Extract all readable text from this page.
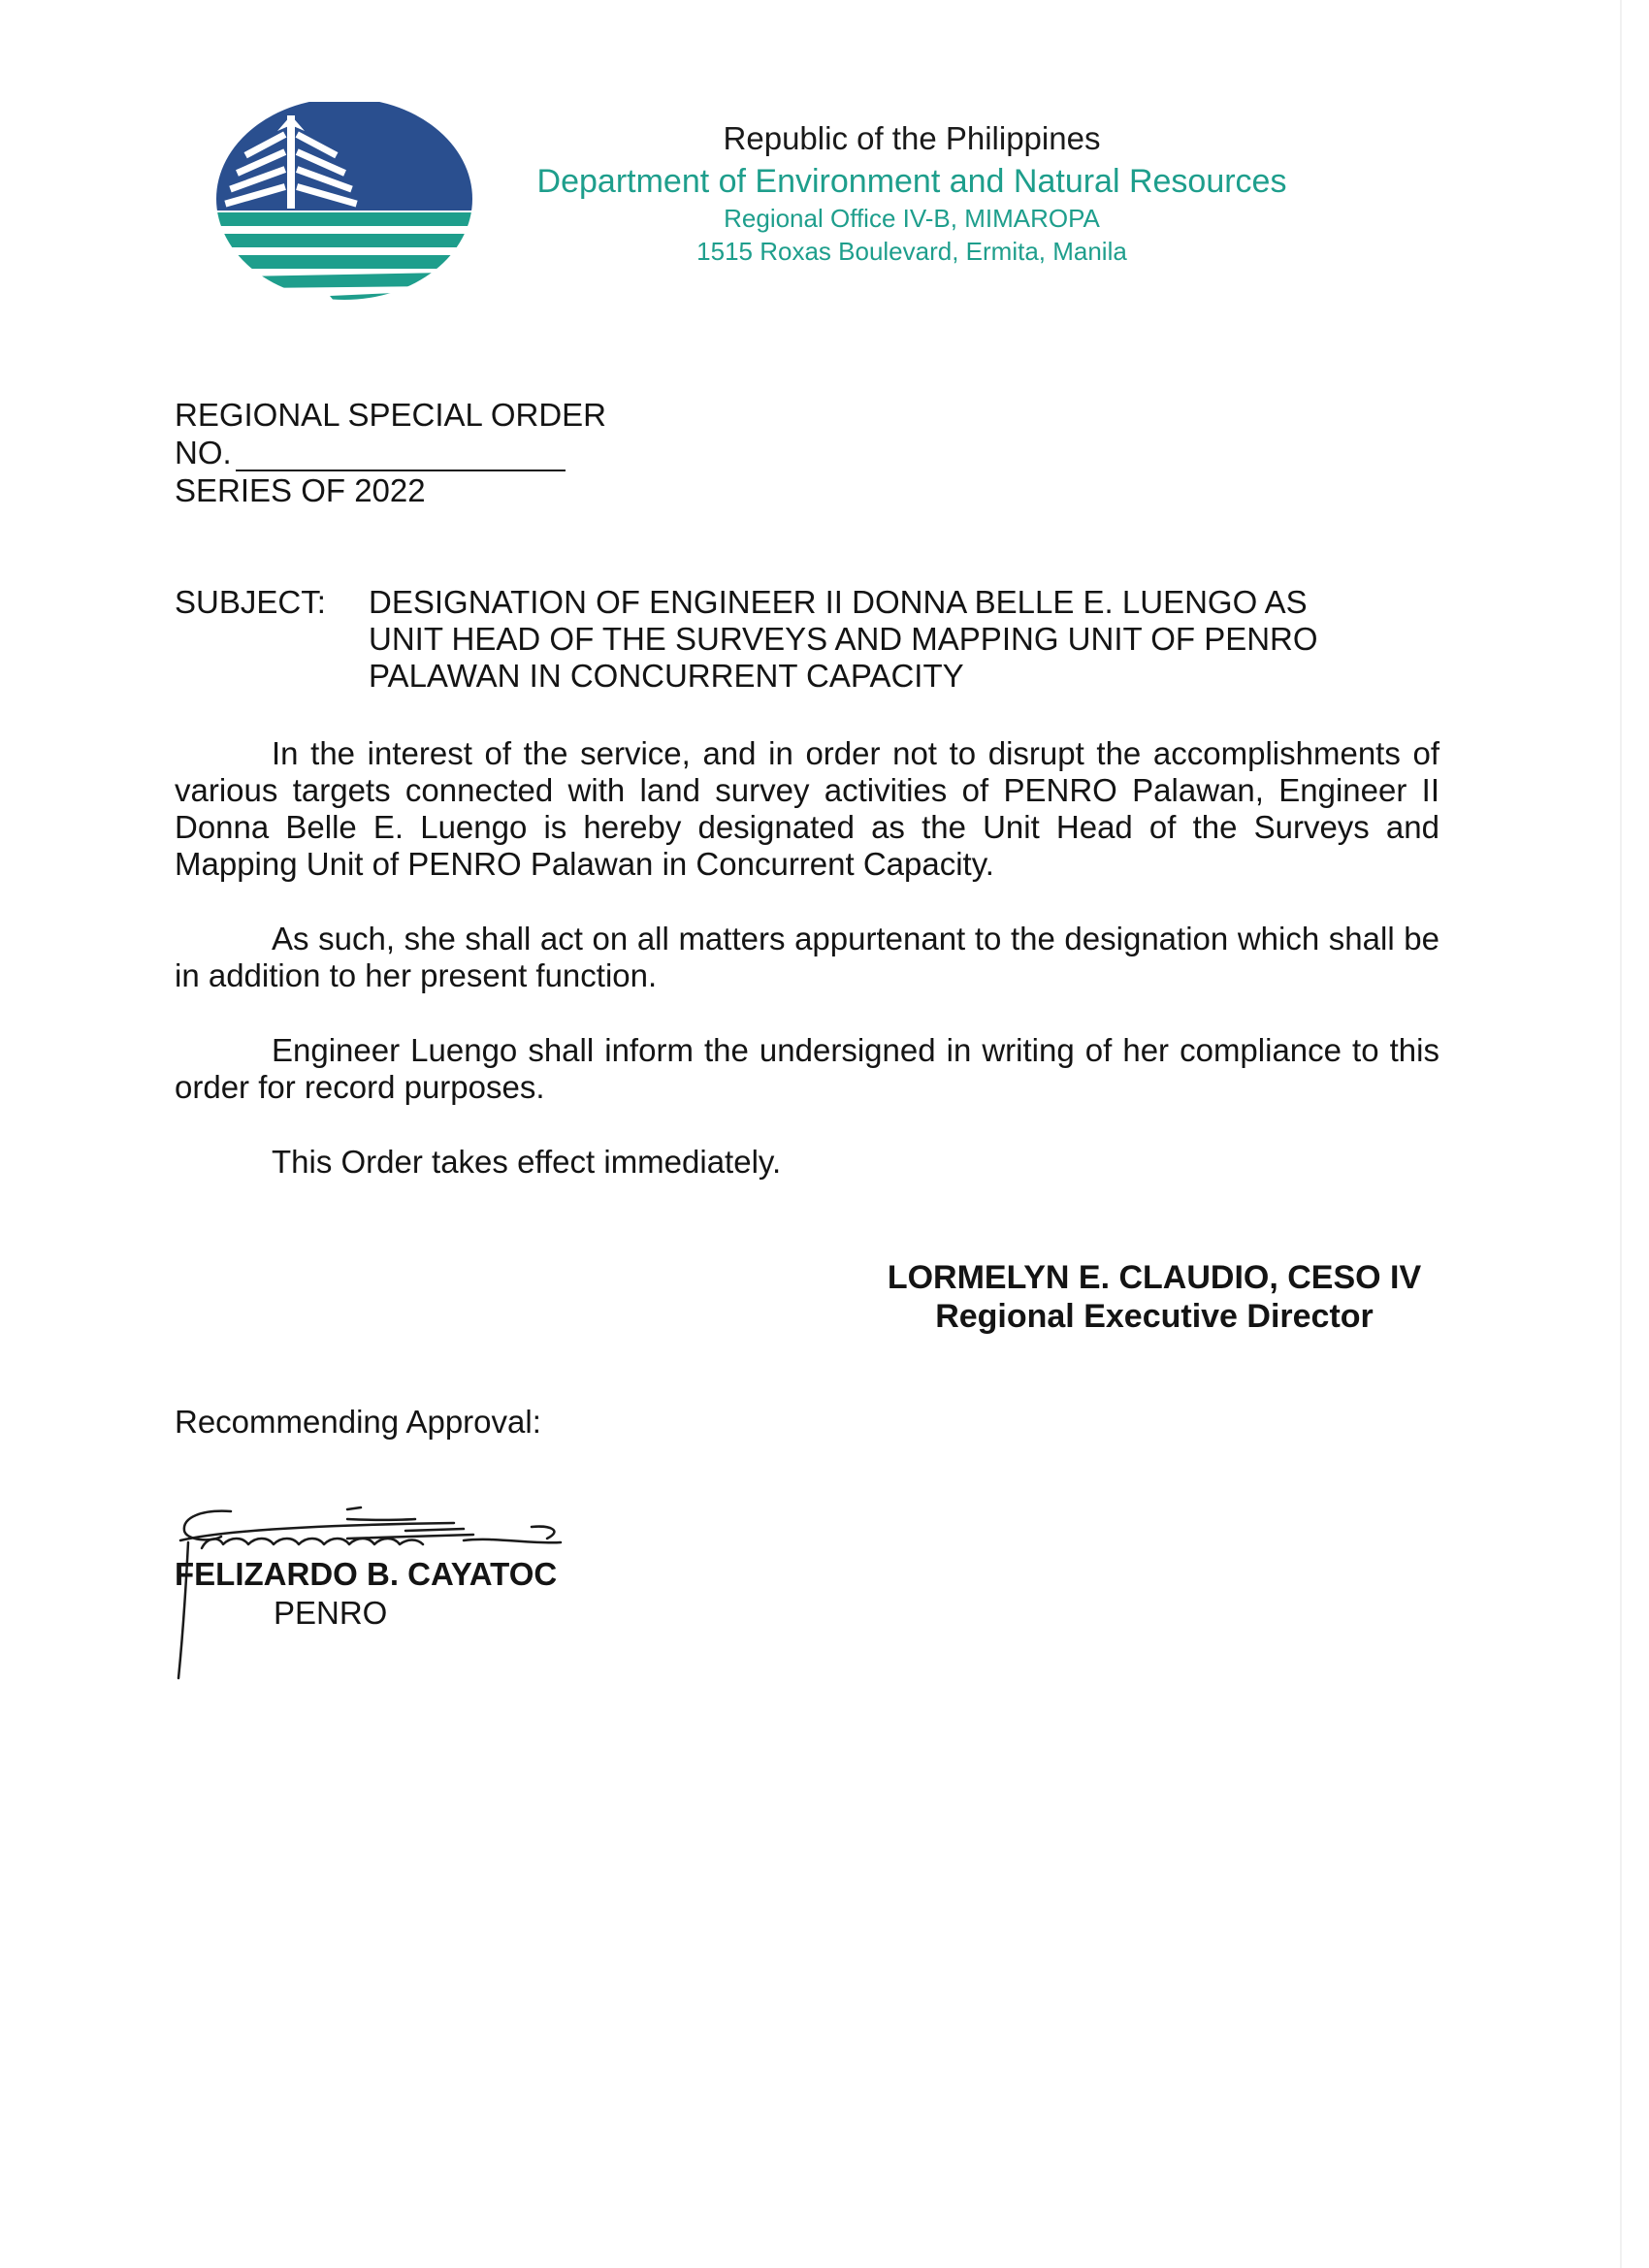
Republic of the Philippines
Department of Environment and Natural Resources
Regional Office IV-B, MIMAROPA
1515 Roxas Boulevard, Ermita, Manila
REGIONAL SPECIAL ORDER
NO.
SERIES OF 2022
SUBJECT:	DESIGNATION OF ENGINEER II DONNA BELLE E. LUENGO AS UNIT HEAD OF THE SURVEYS AND MAPPING UNIT OF PENRO PALAWAN IN CONCURRENT CAPACITY

In the interest of the service, and in order not to disrupt the accomplishments of various targets connected with land survey activities of PENRO Palawan, Engineer II Donna Belle E. Luengo is hereby designated as the Unit Head of the Surveys and Mapping Unit of PENRO Palawan in Concurrent Capacity.

As such, she shall act on all matters appurtenant to the designation which shall be in addition to her present function.

Engineer Luengo shall inform the undersigned in writing of her compliance to this order for record purposes.

This Order takes effect immediately.

LORMELYN E. CLAUDIO, CESO IV
Regional Executive Director
Recommending Approval:
FELIZARDO B. CAYATOC
PENRO
